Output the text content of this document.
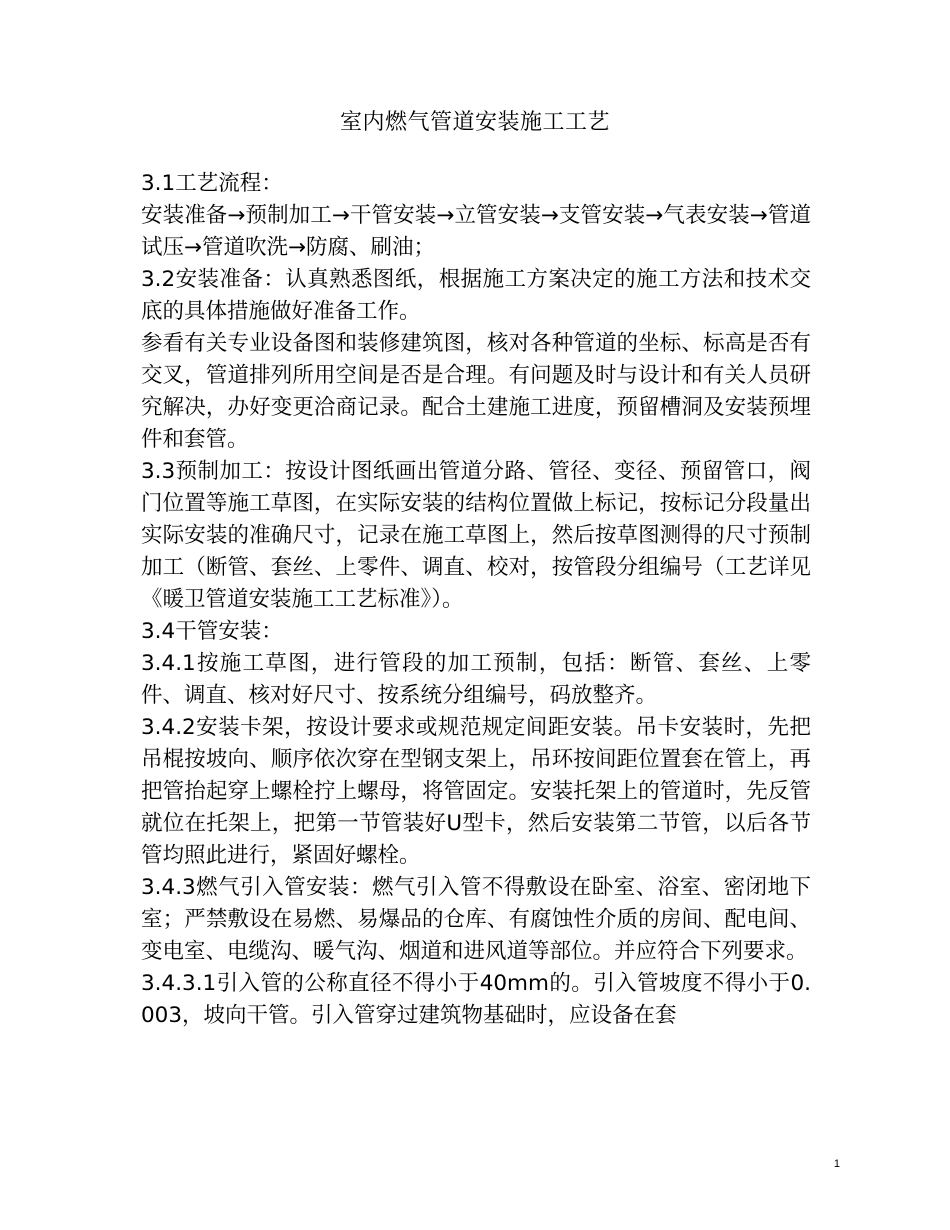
室内燃气管道安装施工工艺

3.1工艺流程：

安装准备→预制加工→干管安装→立管安装→支管安装→气表安装→管道试压→管道吹洗→防腐、刷油；

3.2安装准备：认真熟悉图纸，根据施工方案决定的施工方法和技术交底的具体措施做好准备工作。

参看有关专业设备图和装修建筑图，核对各种管道的坐标、标高是否有交叉，管道排列所用空间是否是合理。有问题及时与设计和有关人员研究解决，办好变更洽商记录。配合土建施工进度，预留槽洞及安装预埋件和套管。

3.3预制加工：按设计图纸画出管道分路、管径、变径、预留管口，阀门位置等施工草图，在实际安装的结构位置做上标记，按标记分段量出实际安装的准确尺寸，记录在施工草图上，然后按草图测得的尺寸预制加工（断管、套丝、上零件、调直、校对，按管段分组编号（工艺详见《暖卫管道安装施工工艺标准》）。

3.4干管安装：

3.4.1按施工草图，进行管段的加工预制，包括：断管、套丝、上零件、调直、核对好尺寸、按系统分组编号，码放整齐。

3.4.2安装卡架，按设计要求或规范规定间距安装。吊卡安装时，先把吊棍按坡向、顺序依次穿在型钢支架上，吊环按间距位置套在管上，再把管抬起穿上螺栓拧上螺母，将管固定。安装托架上的管道时，先反管就位在托架上，把第一节管装好U型卡，然后安装第二节管，以后各节管均照此进行，紧固好螺栓。

3.4.3燃气引入管安装：燃气引入管不得敷设在卧室、浴室、密闭地下室；严禁敷设在易燃、易爆品的仓库、有腐蚀性介质的房间、配电间、变电室、电缆沟、暖气沟、烟道和进风道等部位。并应符合下列要求。

3.4.3.1引入管的公称直径不得小于40mm的。引入管坡度不得小于0.003，坡向干管。引入管穿过建筑物基础时，应设备在套

1
